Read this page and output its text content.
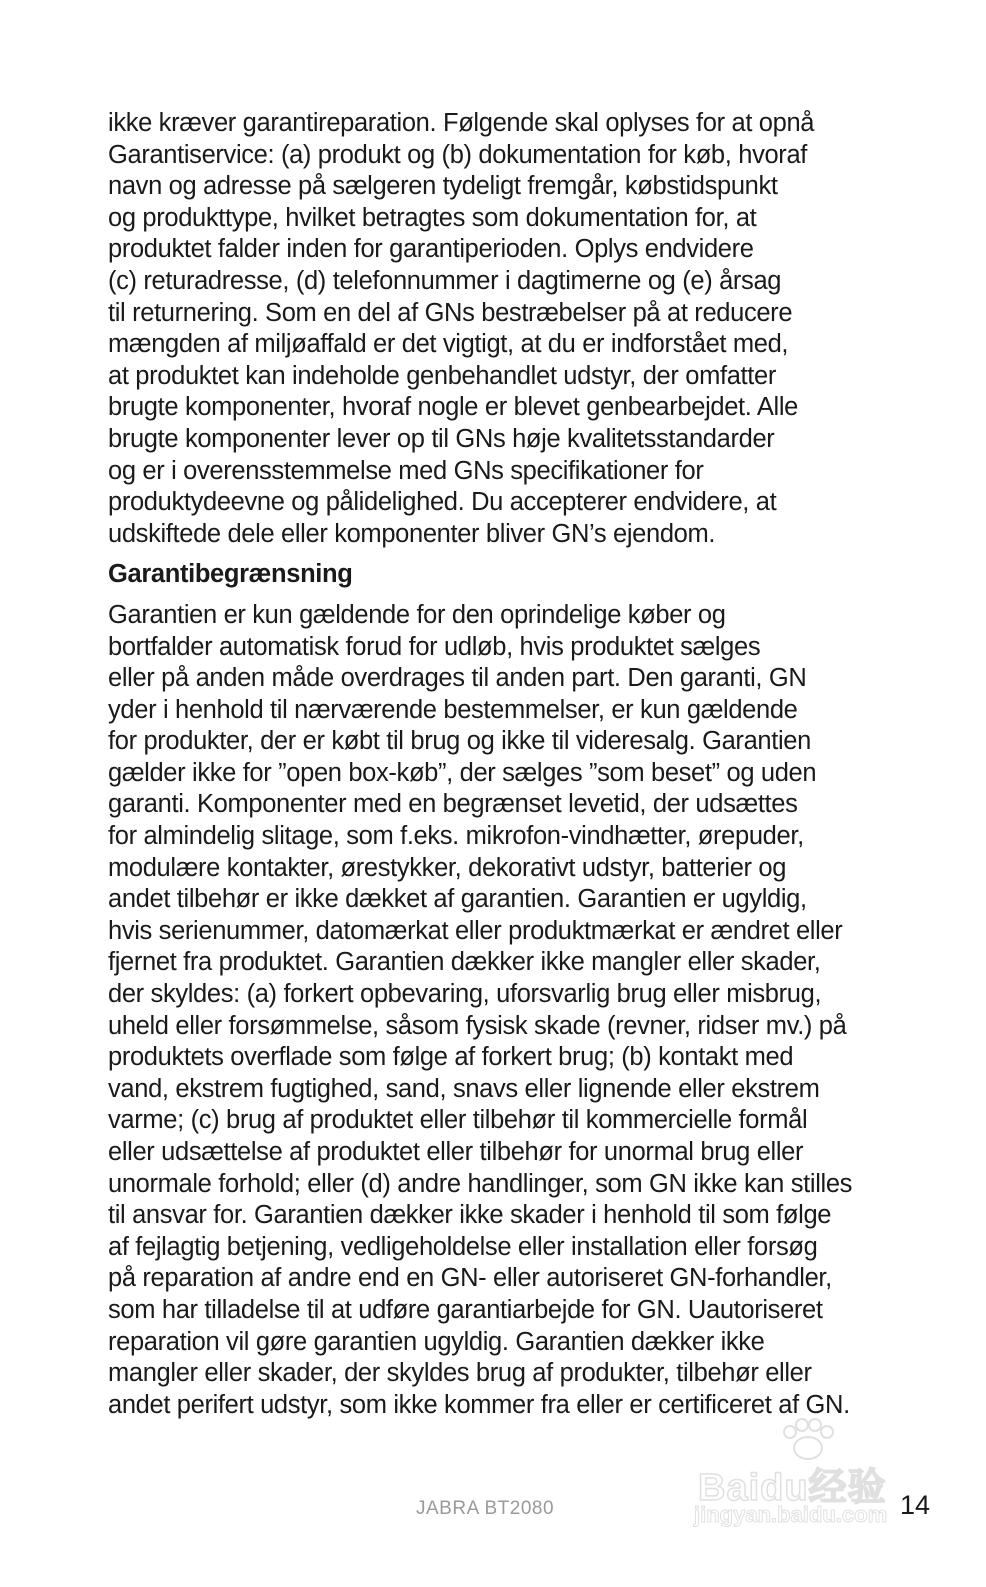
ikke kræver garantireparation. Følgende skal oplyses for at opnå
Garantiservice: (a) produkt og (b) dokumentation for køb, hvoraf
navn og adresse på sælgeren tydeligt fremgår, købstidspunkt
og produkttype, hvilket betragtes som dokumentation for, at
produktet falder inden for garantiperioden. Oplys endvidere
(c) returadresse, (d) telefonnummer i dagtimerne og (e) årsag
til returnering. Som en del af GNs bestræbelser på at reducere
mængden af miljøaffald er det vigtigt, at du er indforstået med,
at produktet kan indeholde genbehandlet udstyr, der omfatter
brugte komponenter, hvoraf nogle er blevet genbearbejdet. Alle
brugte komponenter lever op til GNs høje kvalitetsstandarder
og er i overensstemmelse med GNs specifikationer for
produktydeevne og pålidelighed. Du accepterer endvidere, at
udskiftede dele eller komponenter bliver GN’s ejendom.
Garantibegrænsning
Garantien er kun gældende for den oprindelige køber og
bortfalder automatisk forud for udløb, hvis produktet sælges
eller på anden måde overdrages til anden part. Den garanti, GN
yder i henhold til nærværende bestemmelser, er kun gældende
for produkter, der er købt til brug og ikke til videresalg. Garantien
gælder ikke for ”open box-køb”, der sælges ”som beset” og uden
garanti. Komponenter med en begrænset levetid, der udsættes
for almindelig slitage, som f.eks. mikrofon-vindhætter, ørepuder,
modulære kontakter, ørestykker, dekorativt udstyr, batterier og
andet tilbehør er ikke dækket af garantien. Garantien er ugyldig,
hvis serienummer, datomærkat eller produktmærkat er ændret eller
fjernet fra produktet. Garantien dækker ikke mangler eller skader,
der skyldes: (a) forkert opbevaring, uforsvarlig brug eller misbrug,
uheld eller forsømmelse, såsom fysisk skade (revner, ridser mv.) på
produktets overflade som følge af forkert brug; (b) kontakt med
vand, ekstrem fugtighed, sand, snavs eller lignende eller ekstrem
varme; (c) brug af produktet eller tilbehør til kommercielle formål
eller udsættelse af produktet eller tilbehør for unormal brug eller
unormale forhold; eller (d) andre handlinger, som GN ikke kan stilles
til ansvar for. Garantien dækker ikke skader i henhold til som følge
af fejlagtig betjening, vedligeholdelse eller installation eller forsøg
på reparation af andre end en GN- eller autoriseret GN-forhandler,
som har tilladelse til at udføre garantiarbejde for GN. Uautoriseret
reparation vil gøre garantien ugyldig. Garantien dækker ikke
mangler eller skader, der skyldes brug af produkter, tilbehør eller
andet perifert udstyr, som ikke kommer fra eller er certificeret af GN.
JABRA BT2080	14
Baidu经验
jingyan.baidu.com
